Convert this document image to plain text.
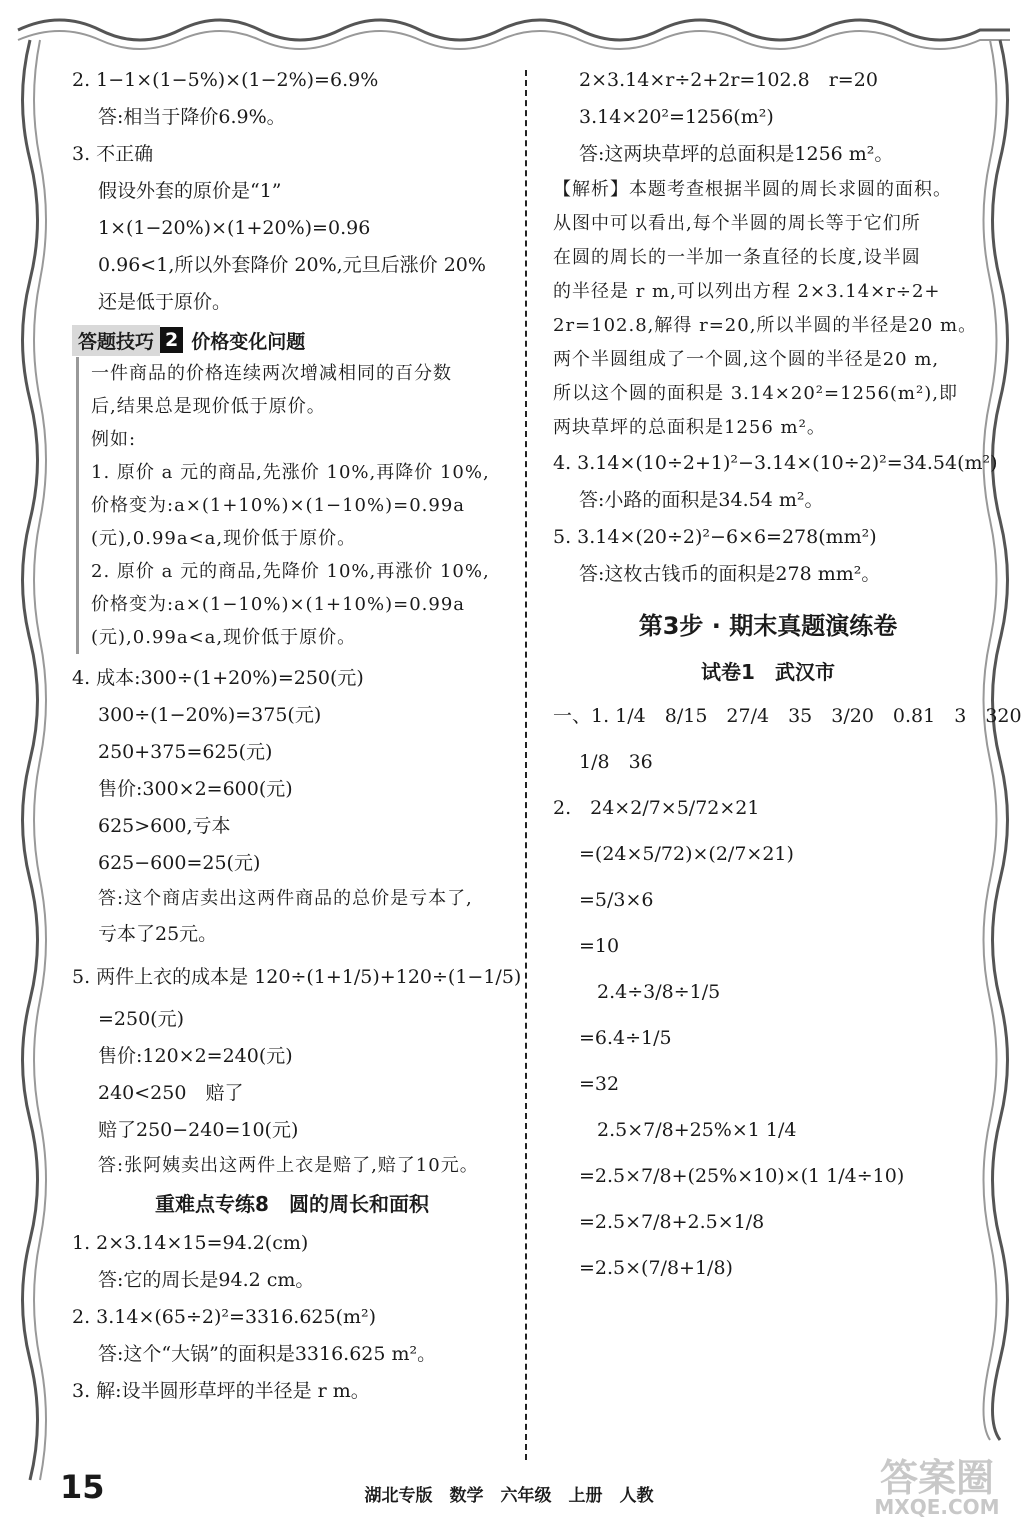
2. 1−1×(1−5%)×(1−2%)=6.9%
答:相当于降价6.9%。
3. 不正确
假设外套的原价是“1”
1×(1−20%)×(1+20%)=0.96
0.96<1,所以外套降价 20%,元旦后涨价 20%
还是低于原价。
答题技巧 2 价格变化问题
一件商品的价格连续两次增减相同的百分数
后,结果总是现价低于原价。
例如:
1. 原价 a 元的商品,先涨价 10%,再降价 10%,
价格变为:a×(1+10%)×(1−10%)=0.99a
(元),0.99a<a,现价低于原价。
2. 原价 a 元的商品,先降价 10%,再涨价 10%,
价格变为:a×(1−10%)×(1+10%)=0.99a
(元),0.99a<a,现价低于原价。
4. 成本:300÷(1+20%)=250(元)
300÷(1−20%)=375(元)
250+375=625(元)
售价:300×2=600(元)
625>600,亏本
625−600=25(元)
答:这个商店卖出这两件商品的总价是亏本了,
亏本了25元。
5. 两件上衣的成本是 120÷(1+1/5)+120÷(1−1/5)
=250(元)
售价:120×2=240(元)
240<250　赔了
赔了250−240=10(元)
答:张阿姨卖出这两件上衣是赔了,赔了10元。
重难点专练8　圆的周长和面积
1. 2×3.14×15=94.2(cm)
答:它的周长是94.2 cm。
2. 3.14×(65÷2)²=3316.625(m²)
答:这个“大锅”的面积是3316.625 m²。
3. 解:设半圆形草坪的半径是 r m。
2×3.14×r÷2+2r=102.8　r=20
3.14×20²=1256(m²)
答:这两块草坪的总面积是1256 m²。
【解析】本题考查根据半圆的周长求圆的面积。
从图中可以看出,每个半圆的周长等于它们所
在圆的周长的一半加一条直径的长度,设半圆
的半径是 r m,可以列出方程 2×3.14×r÷2+
2r=102.8,解得 r=20,所以半圆的半径是20 m。
两个半圆组成了一个圆,这个圆的半径是20 m,
所以这个圆的面积是 3.14×20²=1256(m²),即
两块草坪的总面积是1256 m²。
4. 3.14×(10÷2+1)²−3.14×(10÷2)²=34.54(m²)
答:小路的面积是34.54 m²。
5. 3.14×(20÷2)²−6×6=278(mm²)
答:这枚古钱币的面积是278 mm²。
第3步 · 期末真题演练卷
试卷1　武汉市
一、1. 1/4　8/15　27/4　35　3/20　0.81　3　320
1/8　36
2.　24×2/7×5/72×21
=(24×5/72)×(2/7×21)
=5/3×6
=10
2.4÷3/8÷1/5
=6.4÷1/5
=32
2.5×7/8+25%×1 1/4
=2.5×7/8+(25%×10)×(1 1/4÷10)
=2.5×7/8+2.5×1/8
=2.5×(7/8+1/8)
15	湖北专版　数学　六年级　上册　人教	答案圈
MXQE.COM
